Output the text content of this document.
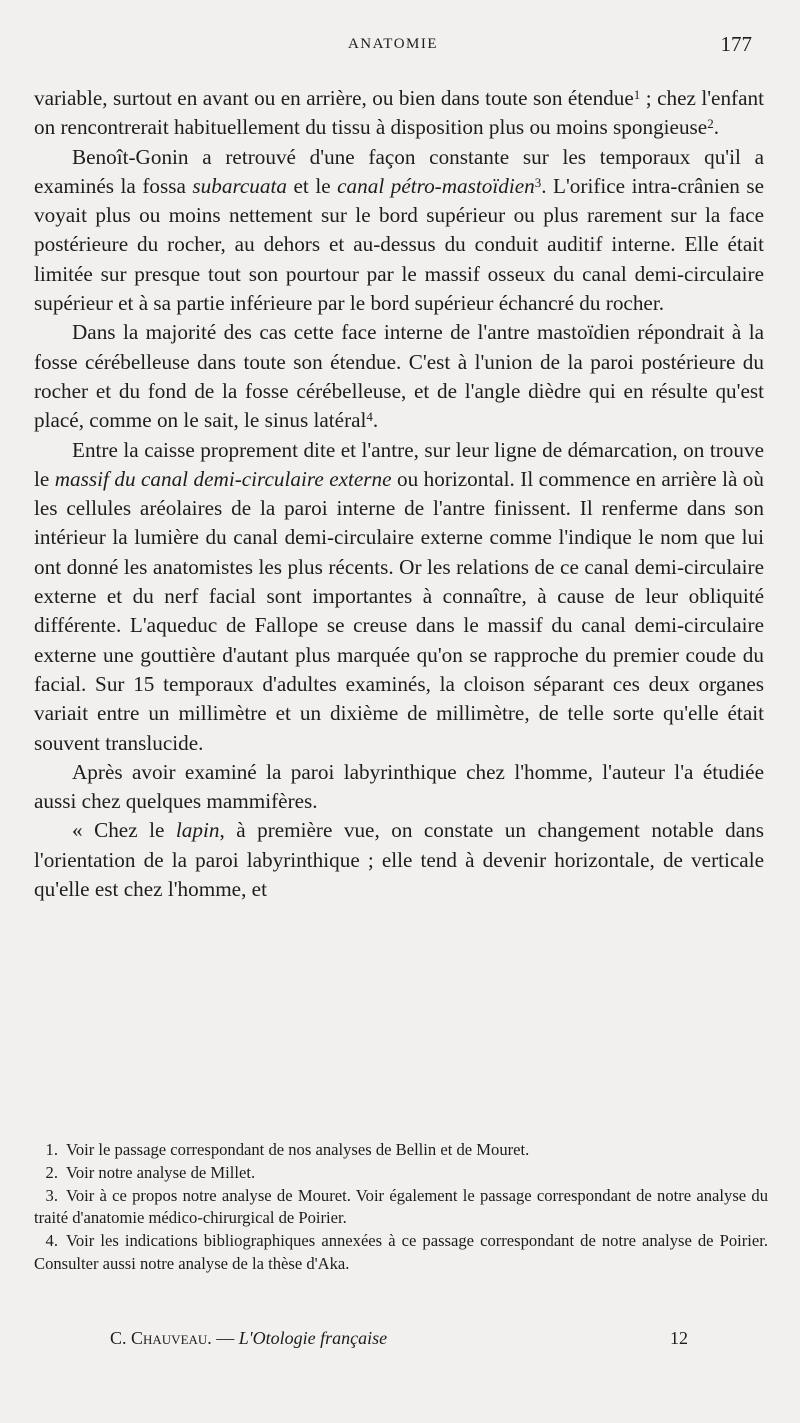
ANATOMIE	177

variable, surtout en avant ou en arrière, ou bien dans toute son étendue$^1$ ; chez l'enfant on rencontrerait habituellement du tissu à disposition plus ou moins spongieuse$^2$.

Benoît-Gonin a retrouvé d'une façon constante sur les temporaux qu'il a examinés la fossa subarcuata et le canal pétro-mastoïdien$^3$. L'orifice intra-crânien se voyait plus ou moins nettement sur le bord supérieur ou plus rarement sur la face postérieure du rocher, au dehors et au-dessus du conduit auditif interne. Elle était limitée sur presque tout son pourtour par le massif osseux du canal demi-circulaire supérieur et à sa partie inférieure par le bord supérieur échancré du rocher.

Dans la majorité des cas cette face interne de l'antre mastoïdien répondrait à la fosse cérébelleuse dans toute son étendue. C'est à l'union de la paroi postérieure du rocher et du fond de la fosse cérébelleuse, et de l'angle dièdre qui en résulte qu'est placé, comme on le sait, le sinus latéral$^4$.

Entre la caisse proprement dite et l'antre, sur leur ligne de démarcation, on trouve le massif du canal demi-circulaire externe ou horizontal. Il commence en arrière là où les cellules aréolaires de la paroi interne de l'antre finissent. Il renferme dans son intérieur la lumière du canal demi-circulaire externe comme l'indique le nom que lui ont donné les anatomistes les plus récents. Or les relations de ce canal demi-circulaire externe et du nerf facial sont importantes à connaître, à cause de leur obliquité différente. L'aqueduc de Fallope se creuse dans le massif du canal demi-circulaire externe une gouttière d'autant plus marquée qu'on se rapproche du premier coude du facial. Sur 15 temporaux d'adultes examinés, la cloison séparant ces deux organes variait entre un millimètre et un dixième de millimètre, de telle sorte qu'elle était souvent translucide.

Après avoir examiné la paroi labyrinthique chez l'homme, l'auteur l'a étudiée aussi chez quelques mammifères.

« Chez le lapin, à première vue, on constate un changement notable dans l'orientation de la paroi labyrinthique ; elle tend à devenir horizontale, de verticale qu'elle est chez l'homme, et

1. Voir le passage correspondant de nos analyses de Bellin et de Mouret.

2. Voir notre analyse de Millet.

3. Voir à ce propos notre analyse de Mouret. Voir également le passage correspondant de notre analyse du traité d'anatomie médico-chirurgical de Poirier.

4. Voir les indications bibliographiques annexées à ce passage correspondant de notre analyse de Poirier. Consulter aussi notre analyse de la thèse d'Aka.

C. Chauveau. — L'Otologie française	12
